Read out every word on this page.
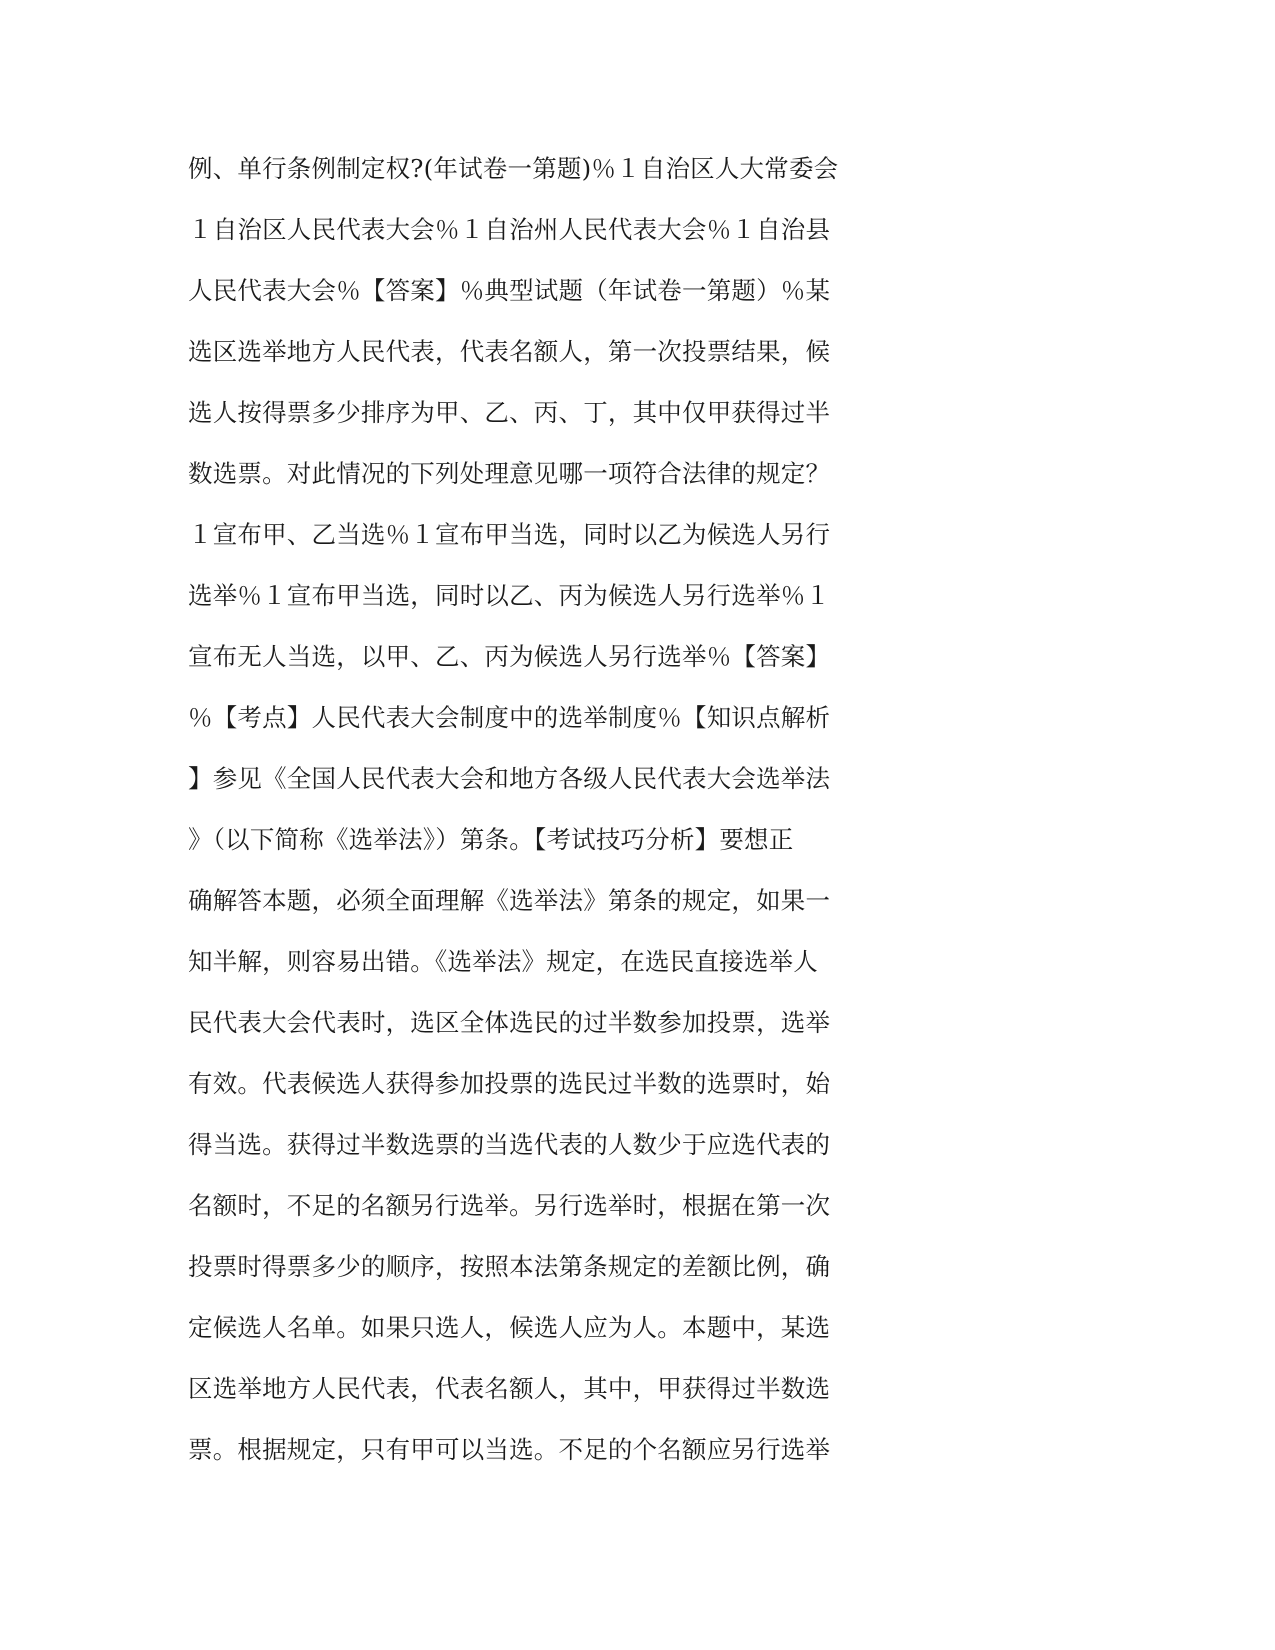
例、单行条例制定权?(年试卷一第题)％１自治区人大常委会
１自治区人民代表大会％１自治州人民代表大会％１自治县
人民代表大会％【答案】％典型试题（年试卷一第题）％某
选区选举地方人民代表，代表名额人，第一次投票结果，候
选人按得票多少排序为甲、乙、丙、丁，其中仅甲获得过半
数选票。对此情况的下列处理意见哪一项符合法律的规定？
１宣布甲、乙当选％１宣布甲当选，同时以乙为候选人另行
选举％１宣布甲当选，同时以乙、丙为候选人另行选举％１
宣布无人当选，以甲、乙、丙为候选人另行选举％【答案】
％【考点】人民代表大会制度中的选举制度％【知识点解析
】参见《全国人民代表大会和地方各级人民代表大会选举法
》（以下简称《选举法》）第条。【考试技巧分析】要想正
确解答本题，必须全面理解《选举法》第条的规定，如果一
知半解，则容易出错。《选举法》规定，在选民直接选举人
民代表大会代表时，选区全体选民的过半数参加投票，选举
有效。代表候选人获得参加投票的选民过半数的选票时，始
得当选。获得过半数选票的当选代表的人数少于应选代表的
名额时，不足的名额另行选举。另行选举时，根据在第一次
投票时得票多少的顺序，按照本法第条规定的差额比例，确
定候选人名单。如果只选人，候选人应为人。本题中，某选
区选举地方人民代表，代表名额人，其中，甲获得过半数选
票。根据规定，只有甲可以当选。不足的个名额应另行选举
